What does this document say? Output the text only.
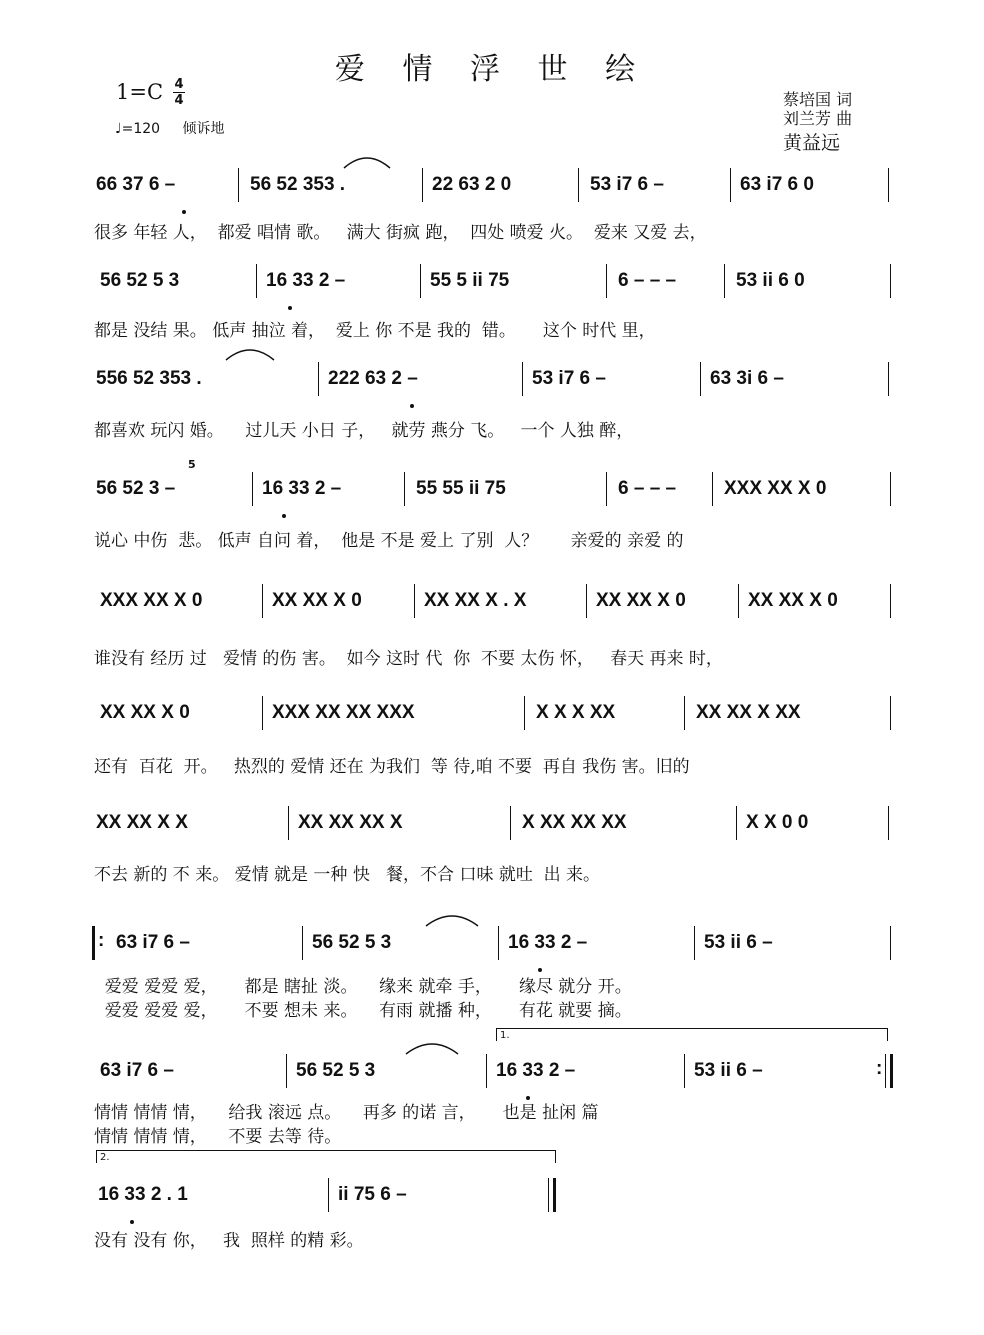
爱 情 浮 世 绘
1=C 4
4
♩=120 倾诉地
蔡培国 词
刘兰芳 曲
黄益远
66 37 6 –	56 52 353 .	22 63 2 0	53 i7 6 –	63 i7 6 0
很多 年轻 人，  都爱 唱情 歌。   满大 街疯 跑，  四处 喷爱 火。  爱来 又爱 去，
56 52 5 3	16 33 2 –	55 5 ii 75	6 – – –	53 ii 6 0
都是 没结 果。 低声 抽泣 着，  爱上 你 不是 我的  错。     这个 时代 里，
556 52 353 .	222 63 2 –	53 i7 6 –	63 3i 6 –
都喜欢 玩闪 婚。    过儿天 小日 子，   就劳 燕分 飞。   一个 人独 醉，
56 52 3 –	16 33 2 –	55 55 ii 75	6 – – –	XXX XX X 0
5
说心 中伤  悲。 低声 自问 着，  他是 不是 爱上 了别  人？      亲爱的 亲爱 的
XXX XX X 0	XX XX X 0	XX XX X . X	XX XX X 0	XX XX X 0
谁没有 经历 过   爱情 的伤 害。  如今 这时 代  你  不要 太伤 怀，   春天 再来 时，
XX XX X 0	XXX XX XX XXX	X X X XX	XX XX X XX
还有  百花  开。   热烈的 爱情 还在 为我们  等 待,咱 不要  再自 我伤 害。旧的
XX XX X X	XX XX XX X	X XX XX XX	X X 0 0
不去 新的 不 来。 爱情 就是 一种 快   餐，不合 口味 就吐  出 来。
: 63 i7 6 –	56 52 5 3	16 33 2 –	53 ii 6 –
爱爱 爱爱 爱，     都是 瞎扯 淡。    缘来 就牵 手，     缘尽 就分 开。
爱爱 爱爱 爱，     不要 想未 来。    有雨 就播 种，     有花 就要 摘。
1.
63 i7 6 –	56 52 5 3	16 33 2 –	53 ii 6 –	:
情情 情情 情，    给我 滚远 点。    再多 的诺 言，     也是 扯闲 篇
情情 情情 情，    不要 去等 待。
2.
16 33 2 . 1	ii 75 6 –
没有 没有 你，   我  照样 的精 彩。
